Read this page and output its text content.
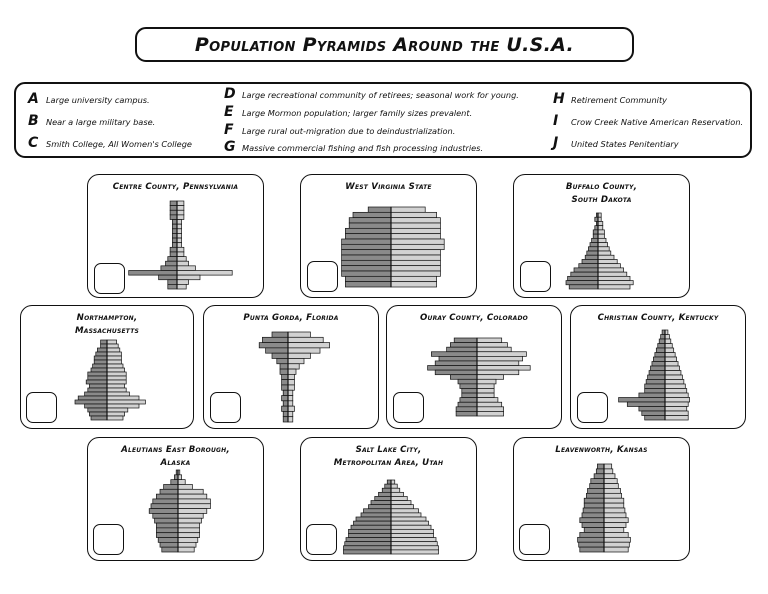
Population Pyramids Around the U.S.A.
A Large university campus.
B Near a large military base.
C Smith College, All Women's College
D Large recreational community of retirees; seasonal work for young.
E	Large Mormon population; larger family sizes prevalent.
F	Large rural out-migration due to deindustrialization.
G Massive commercial fishing and fish processing industries.
H Retirement Community
I	Crow Creek Native American Reservation.
J	United States Penitentiary
Centre County, Pennsylvania	West Virginia State	Buffalo County,
South Dakota
Northampton,
Massachusetts
Punta Gorda, Florida	Ouray County, Colorado	Christian County, Kentucky
Aleutians East Borough,
Alaska
Salt Lake City,
Metropolitan Area, Utah
Leavenworth, Kansas
